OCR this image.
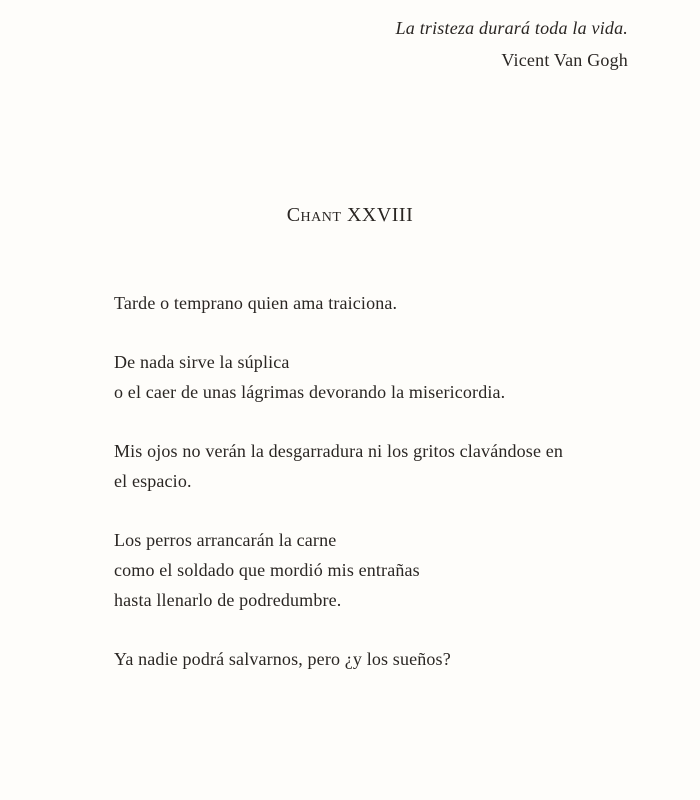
La tristeza durará toda la vida.
Vicent Van Gogh
Chant XXVIII
Tarde o temprano quien ama traiciona.
De nada sirve la súplica
o el caer de unas lágrimas devorando la misericordia.
Mis ojos no verán la desgarradura ni los gritos clavándose en
el espacio.
Los perros arrancarán la carne
como el soldado que mordió mis entrañas
hasta llenarlo de podredumbre.
Ya nadie podrá salvarnos, pero ¿y los sueños?
